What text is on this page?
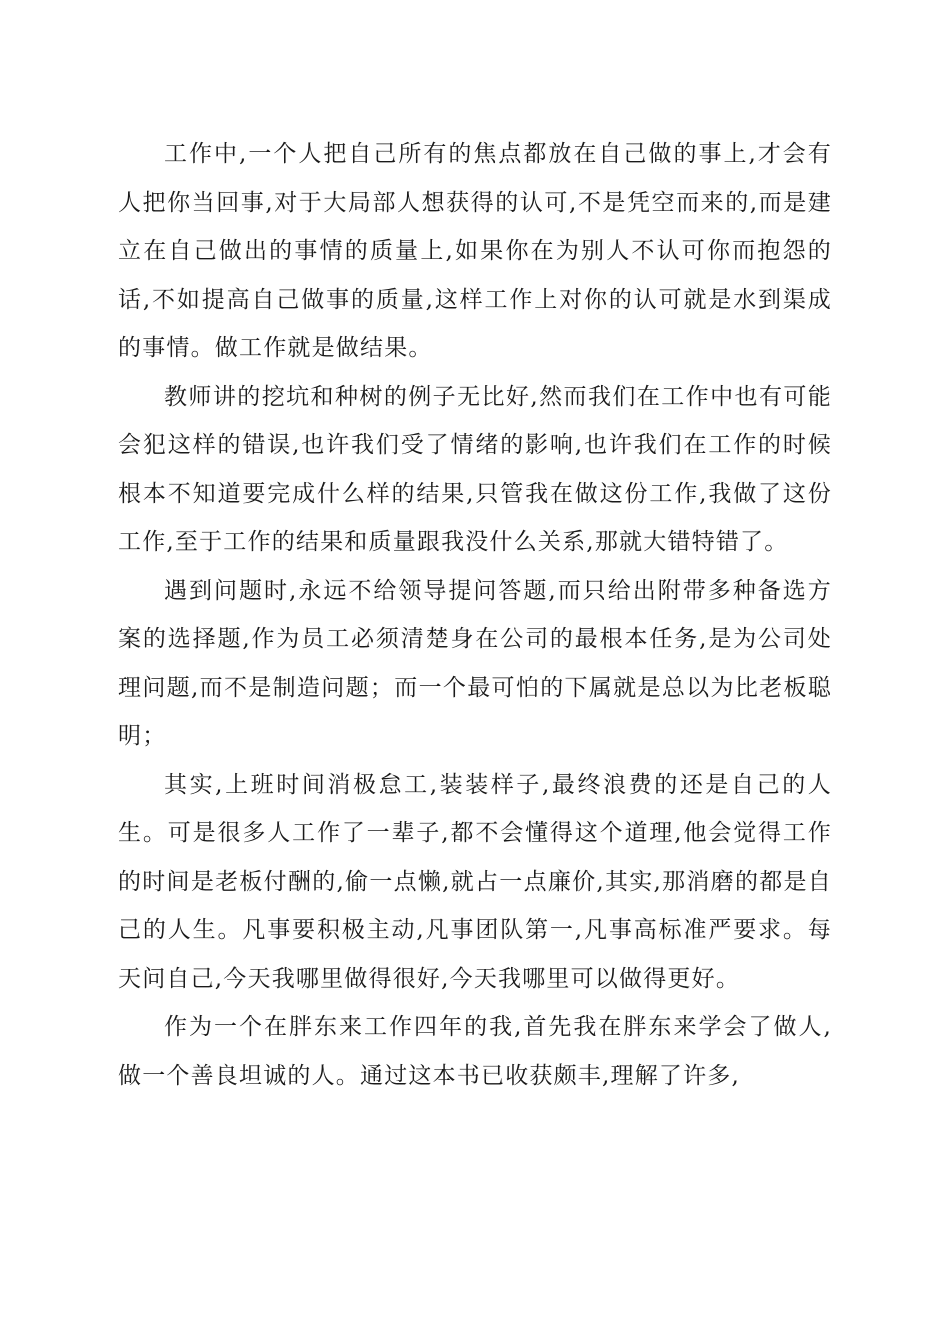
工作中,一个人把自己所有的焦点都放在自己做的事上,才会有人把你当回事,对于大局部人想获得的认可,不是凭空而来的,而是建立在自己做出的事情的质量上,如果你在为别人不认可你而抱怨的话,不如提高自己做事的质量,这样工作上对你的认可就是水到渠成的事情。做工作就是做结果。

教师讲的挖坑和种树的例子无比好,然而我们在工作中也有可能会犯这样的错误,也许我们受了情绪的影响,也许我们在工作的时候根本不知道要完成什么样的结果,只管我在做这份工作,我做了这份工作,至于工作的结果和质量跟我没什么关系,那就大错特错了。

遇到问题时,永远不给领导提问答题,而只给出附带多种备选方案的选择题,作为员工必须清楚身在公司的最根本任务,是为公司处理问题,而不是制造问题；而一个最可怕的下属就是总以为比老板聪明；

其实,上班时间消极怠工,装装样子,最终浪费的还是自己的人生。可是很多人工作了一辈子,都不会懂得这个道理,他会觉得工作的时间是老板付酬的,偷一点懒,就占一点廉价,其实,那消磨的都是自己的人生。凡事要积极主动,凡事团队第一,凡事高标准严要求。每天问自己,今天我哪里做得很好,今天我哪里可以做得更好。

作为一个在胖东来工作四年的我,首先我在胖东来学会了做人,做一个善良坦诚的人。通过这本书已收获颇丰,理解了许多,
